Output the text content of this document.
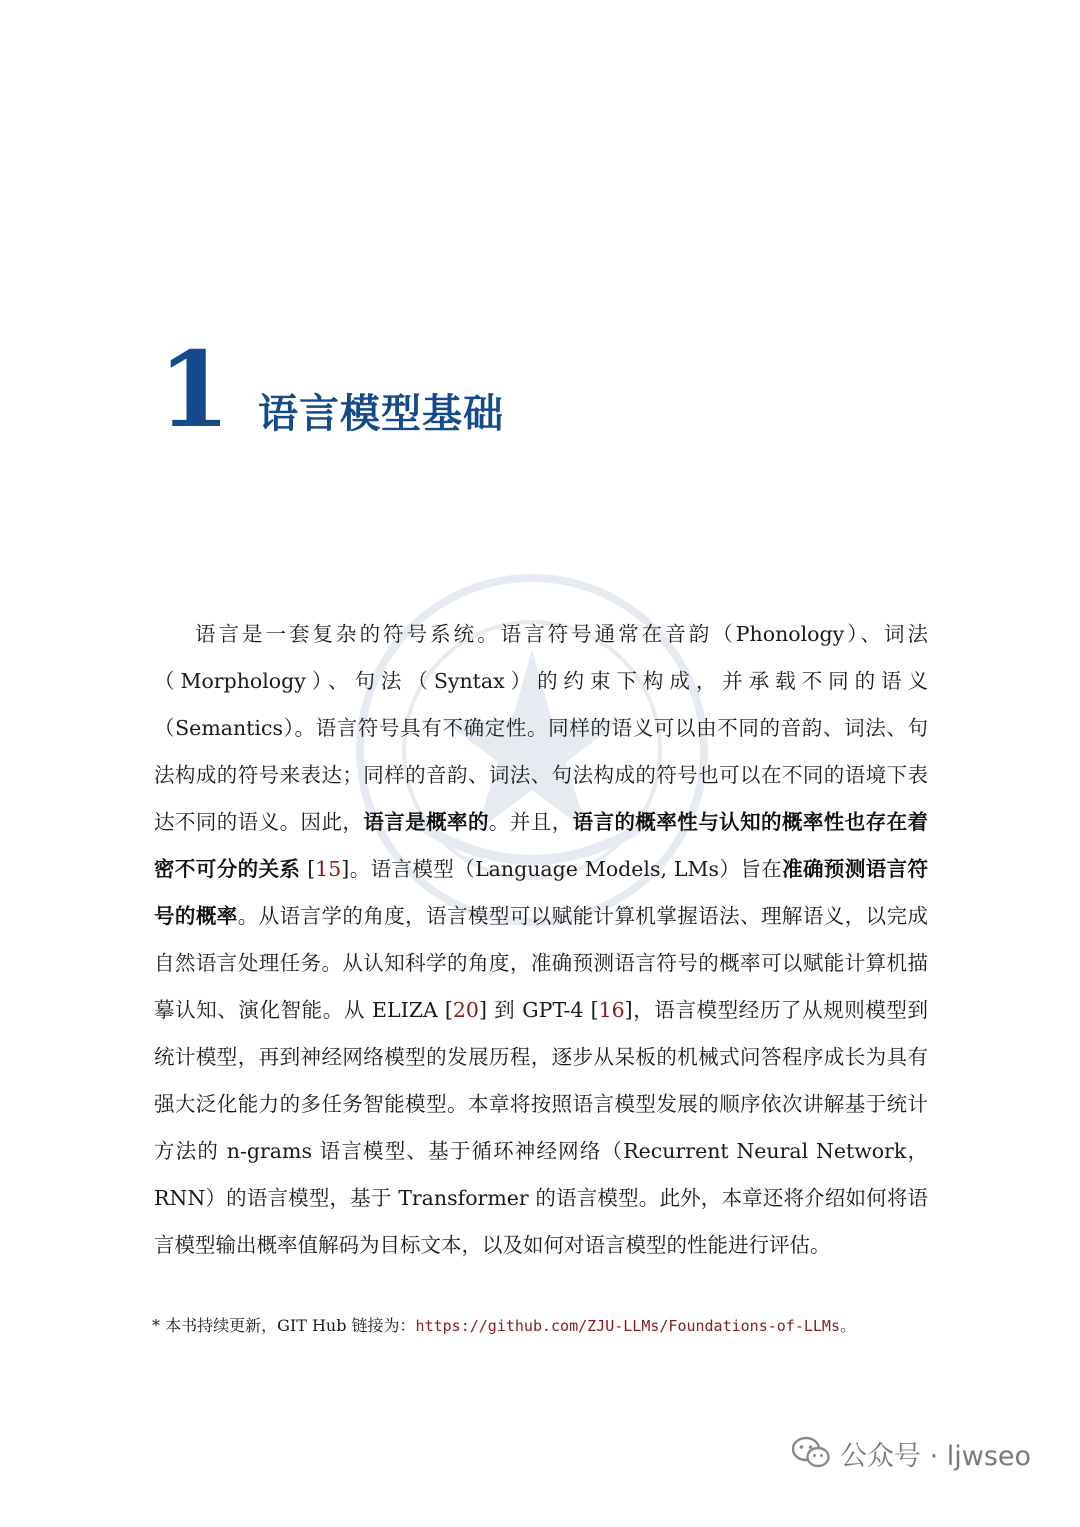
1 语言模型基础

语言是一套复杂的符号系统。语言符号通常在音韵（Phonology）、词法（Morphology）、句法（Syntax）的约束下构成，并承载不同的语义（Semantics）。语言符号具有不确定性。同样的语义可以由不同的音韵、词法、句法构成的符号来表达；同样的音韵、词法、句法构成的符号也可以在不同的语境下表达不同的语义。因此，语言是概率的。并且，语言的概率性与认知的概率性也存在着密不可分的关系 [15]。语言模型（Language Models, LMs）旨在准确预测语言符号的概率。从语言学的角度，语言模型可以赋能计算机掌握语法、理解语义，以完成自然语言处理任务。从认知科学的角度，准确预测语言符号的概率可以赋能计算机描摹认知、演化智能。从 ELIZA [20] 到 GPT-4 [16]，语言模型经历了从规则模型到统计模型，再到神经网络模型的发展历程，逐步从呆板的机械式问答程序成长为具有强大泛化能力的多任务智能模型。本章将按照语言模型发展的顺序依次讲解基于统计方法的 n-grams 语言模型、基于循环神经网络（Recurrent Neural Network，RNN）的语言模型，基于 Transformer 的语言模型。此外，本章还将介绍如何将语言模型输出概率值解码为目标文本，以及如何对语言模型的性能进行评估。

* 本书持续更新，GIT Hub 链接为：https://github.com/ZJU-LLMs/Foundations-of-LLMs。
公众号 · ljwseo
